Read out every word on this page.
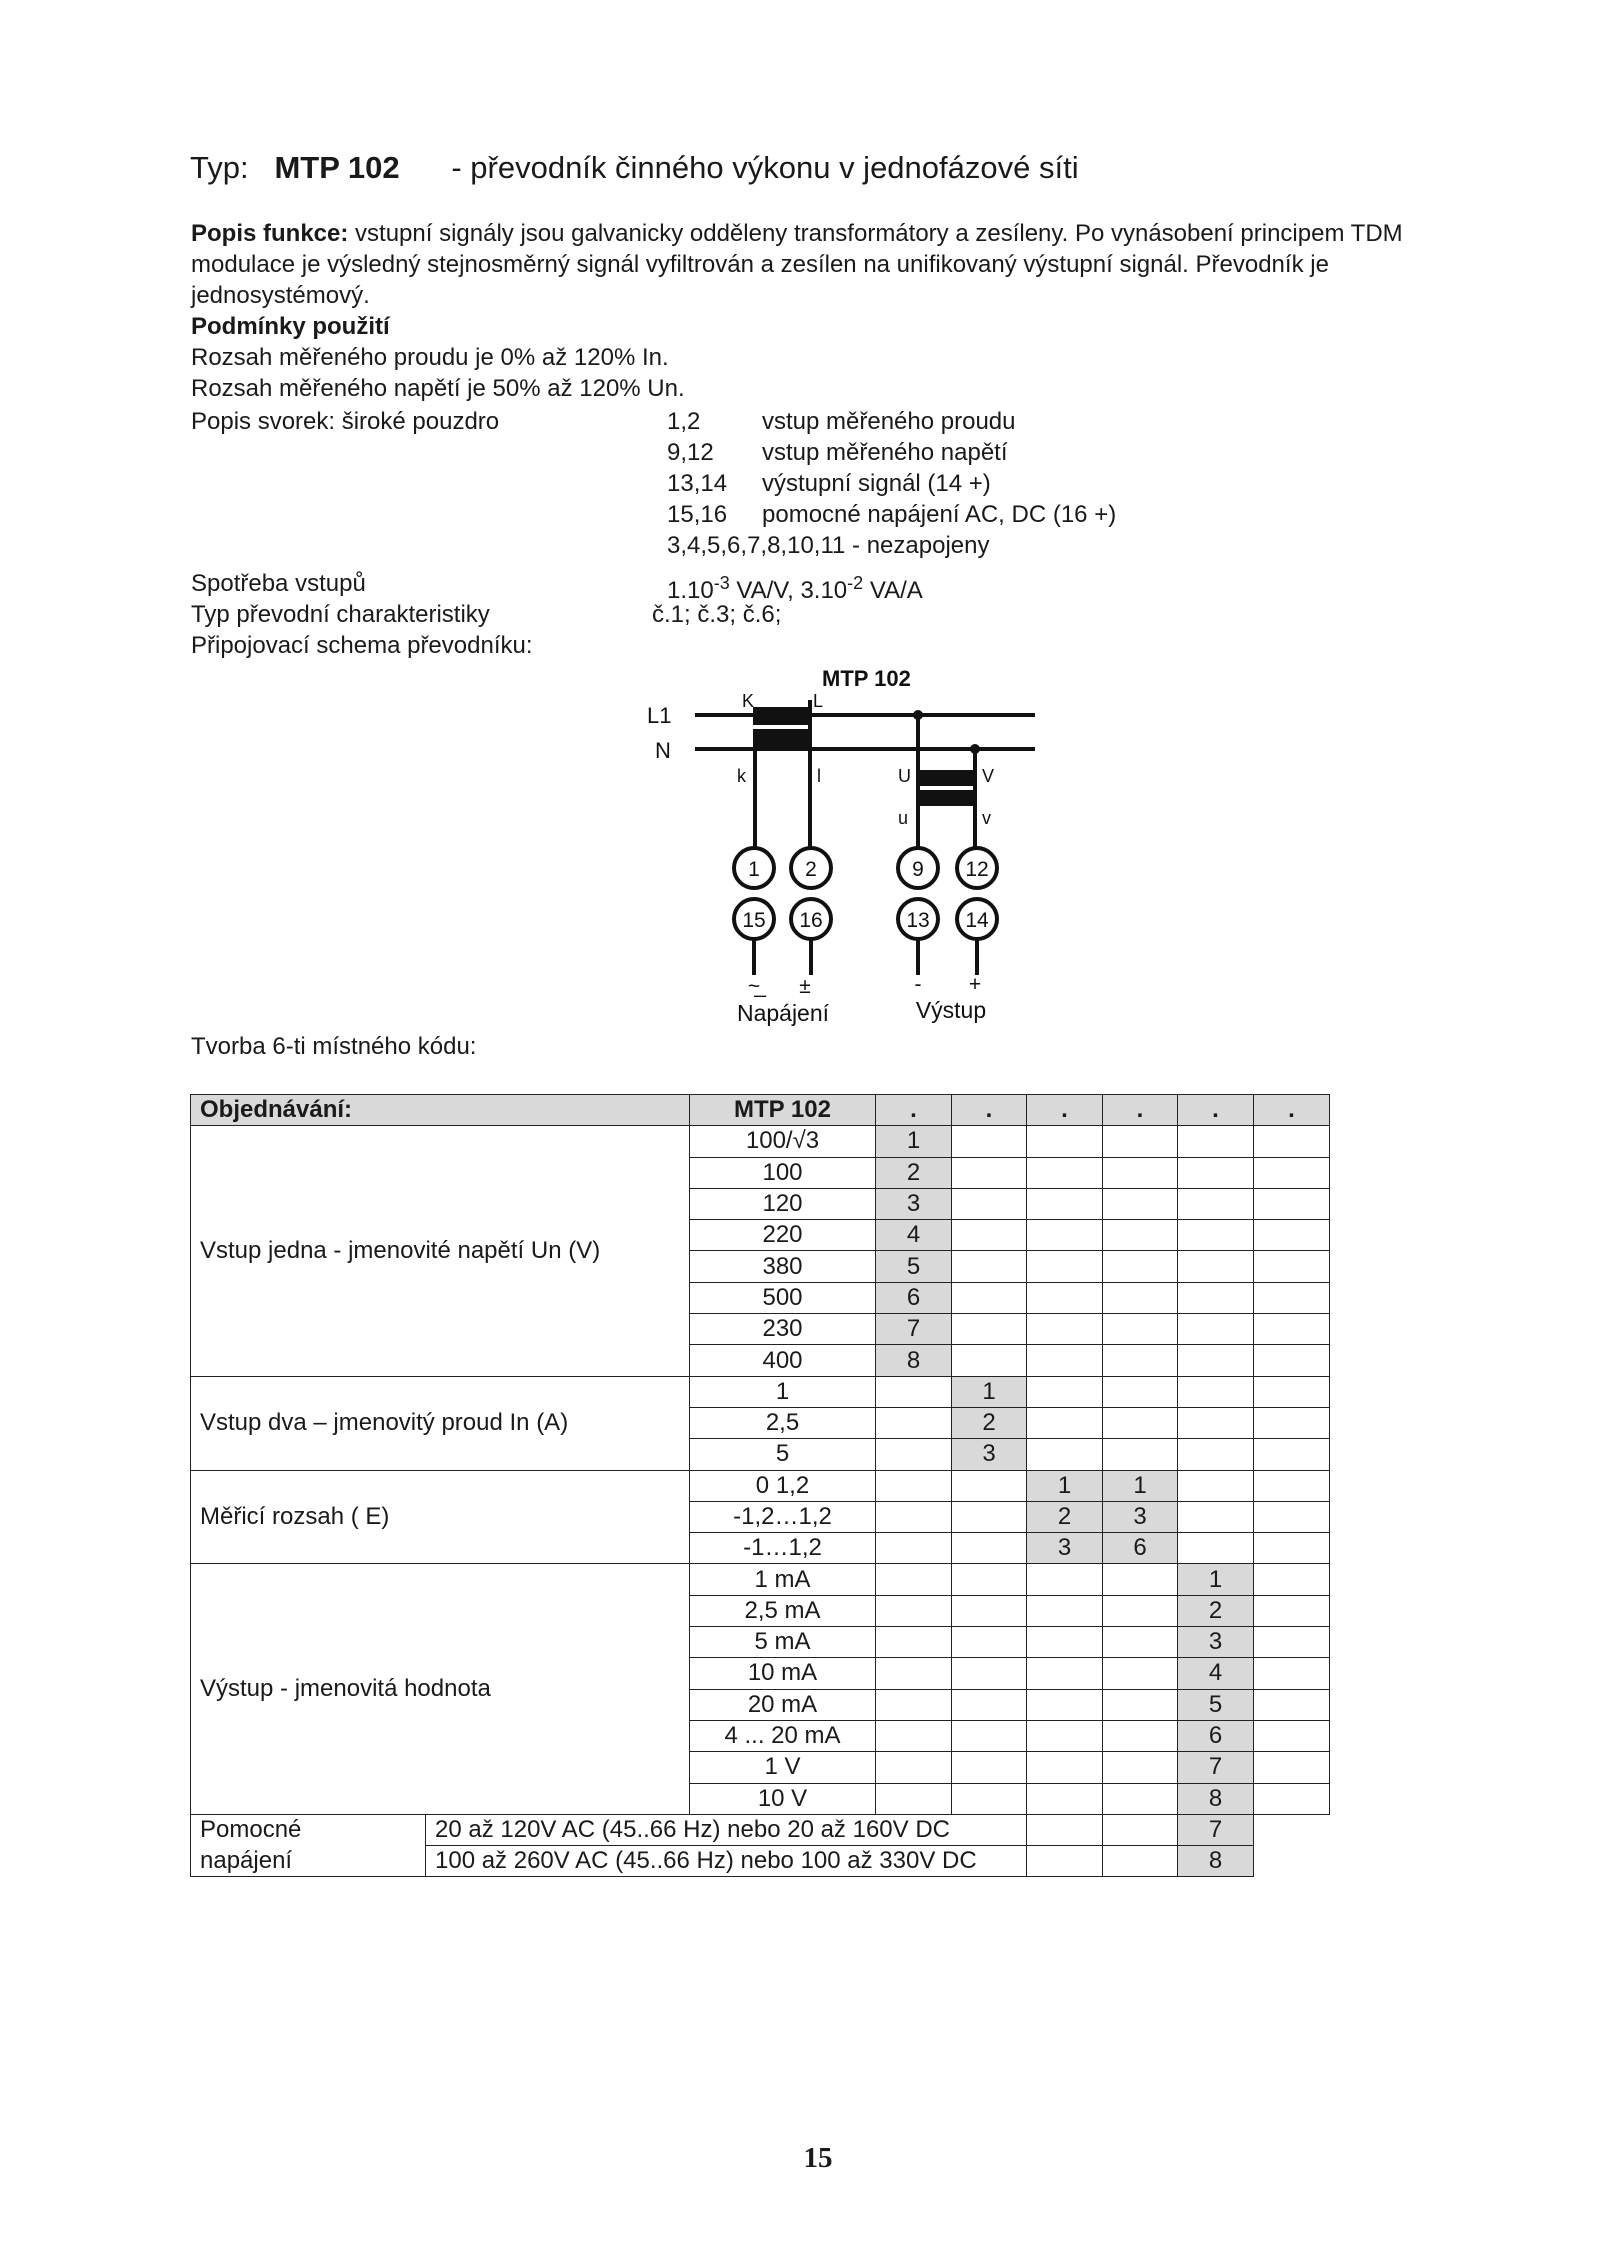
Typ: MTP 102 - převodník činného výkonu v jednofázové síti
Popis funkce: vstupní signály jsou galvanicky odděleny transformátory a zesíleny. Po vynásobení principem TDM modulace je výsledný stejnosměrný signál vyfiltrován a zesílen na unifikovaný výstupní signál. Převodník je jednosystémový.
Podmínky použití
Rozsah měřeného proudu je 0% až 120% In.
Rozsah měřeného napětí je 50% až 120% Un.
Popis svorek: široké pouzdro	1,2	vstup měřeného proudu
9,12 vstup měřeného napětí
13,14 výstupní signál (14 +)
15,16 pomocné napájení AC, DC (16 +)
3,4,5,6,7,8,10,11 - nezapojeny
Spotřeba vstupů	$1.10^{-3}$ VA/V, $3.10^{-2}$ VA/A
Typ převodní charakteristiky	č.1; č.3; č.6;
Připojovací schema převodníku:
MTP 102
L1
N
K	L
k	l	U	V
u	v
1 2	9 12
15 16	13 14
~̲	±	- +
Napájení	Výstup
Tvorba 6-ti místného kódu:
Objednávání:		MTP 102	.	.	.	.	.	.
Vstup jedna - jmenovité napětí Un (V)		100/√3	1					
		100	2					
		120	3					
		220	4					
		380	5					
		500	6					
		230	7					
		400	8					
Vstup dva – jmenovitý proud In (A)		1		1				
		2,5		2				
		5		3				
Měřicí rozsah ( E)		0 1,2			1	1		
		-1,2…1,2			2	3		
		-1…1,2			3	6		
Výstup - jmenovitá hodnota		1 mA					1	
		2,5 mA					2	
		5 mA					3	
		10 mA					4	
		20 mA					5	
		4 ... 20 mA					6	
		1 V					7	
		10 V					8	
Pomocné	20 až 120V AC (45..66 Hz) nebo 20 až 160V DC						7	
napájení	100 až 260V AC (45..66 Hz) nebo 100 až 330V DC						8	
15
